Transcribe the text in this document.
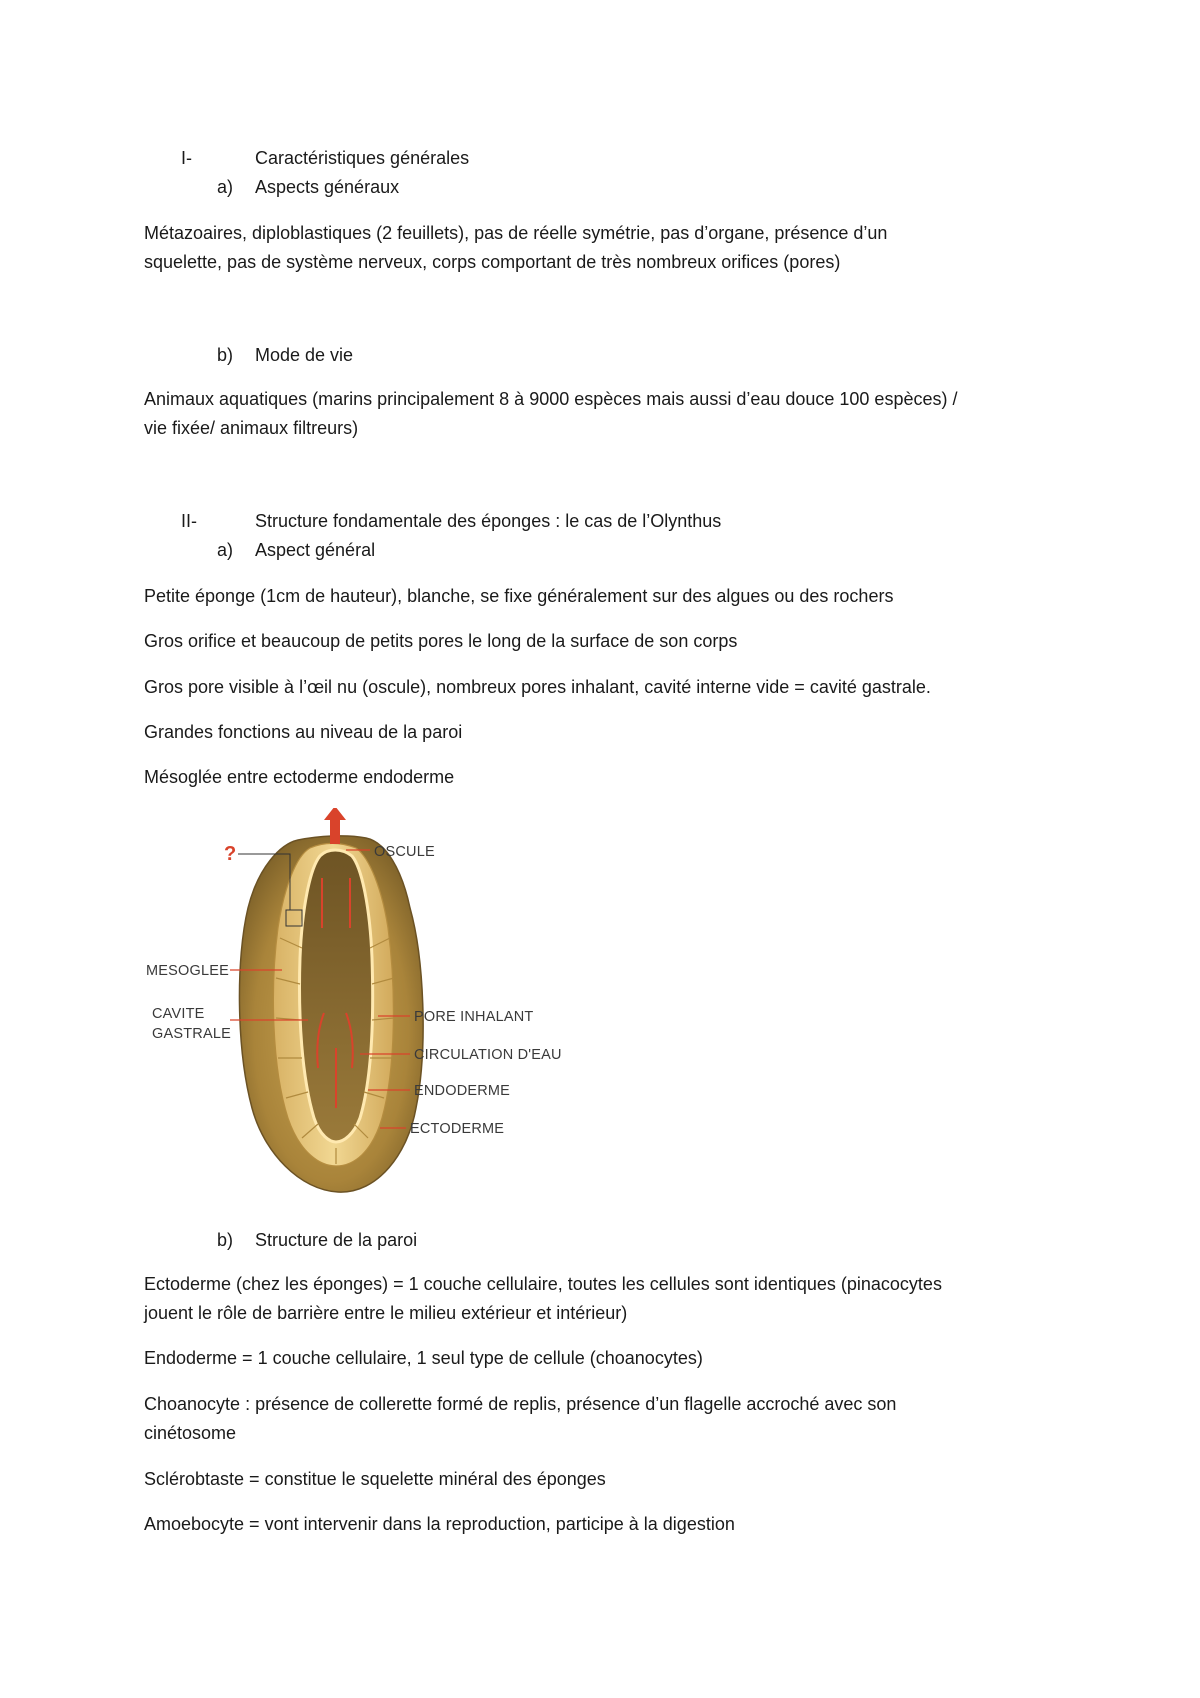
I-	Caractéristiques générales
a) Aspects généraux
Métazoaires, diploblastiques (2 feuillets), pas de réelle symétrie, pas d’organe, présence d’un
squelette, pas de système nerveux, corps comportant de très nombreux orifices (pores)
b) Mode de vie
Animaux aquatiques (marins principalement 8 à 9000 espèces mais aussi d’eau douce 100 espèces) /
vie fixée/ animaux filtreurs)
II-	Structure fondamentale des éponges : le cas de l’Olynthus
a) Aspect général
Petite éponge (1cm de hauteur), blanche, se fixe généralement sur des algues ou des rochers
Gros orifice et beaucoup de petits pores le long de la surface de son corps
Gros pore visible à l’œil nu (oscule), nombreux pores inhalant, cavité interne vide = cavité gastrale.
Grandes fonctions au niveau de la paroi
Mésoglée entre ectoderme endoderme
?	OSCULE
MESOGLEE
CAVITE
GASTRALE
PORE INHALANT
CIRCULATION D'EAU
ENDODERME
ECTODERME
b) Structure de la paroi
Ectoderme (chez les éponges) = 1 couche cellulaire, toutes les cellules sont identiques (pinacocytes
jouent le rôle de barrière entre le milieu extérieur et intérieur)
Endoderme = 1 couche cellulaire, 1 seul type de cellule (choanocytes)
Choanocyte : présence de collerette formé de replis, présence d’un flagelle accroché avec son
cinétosome
Sclérobtaste = constitue le squelette minéral des éponges
Amoebocyte = vont intervenir dans la reproduction, participe à la digestion
